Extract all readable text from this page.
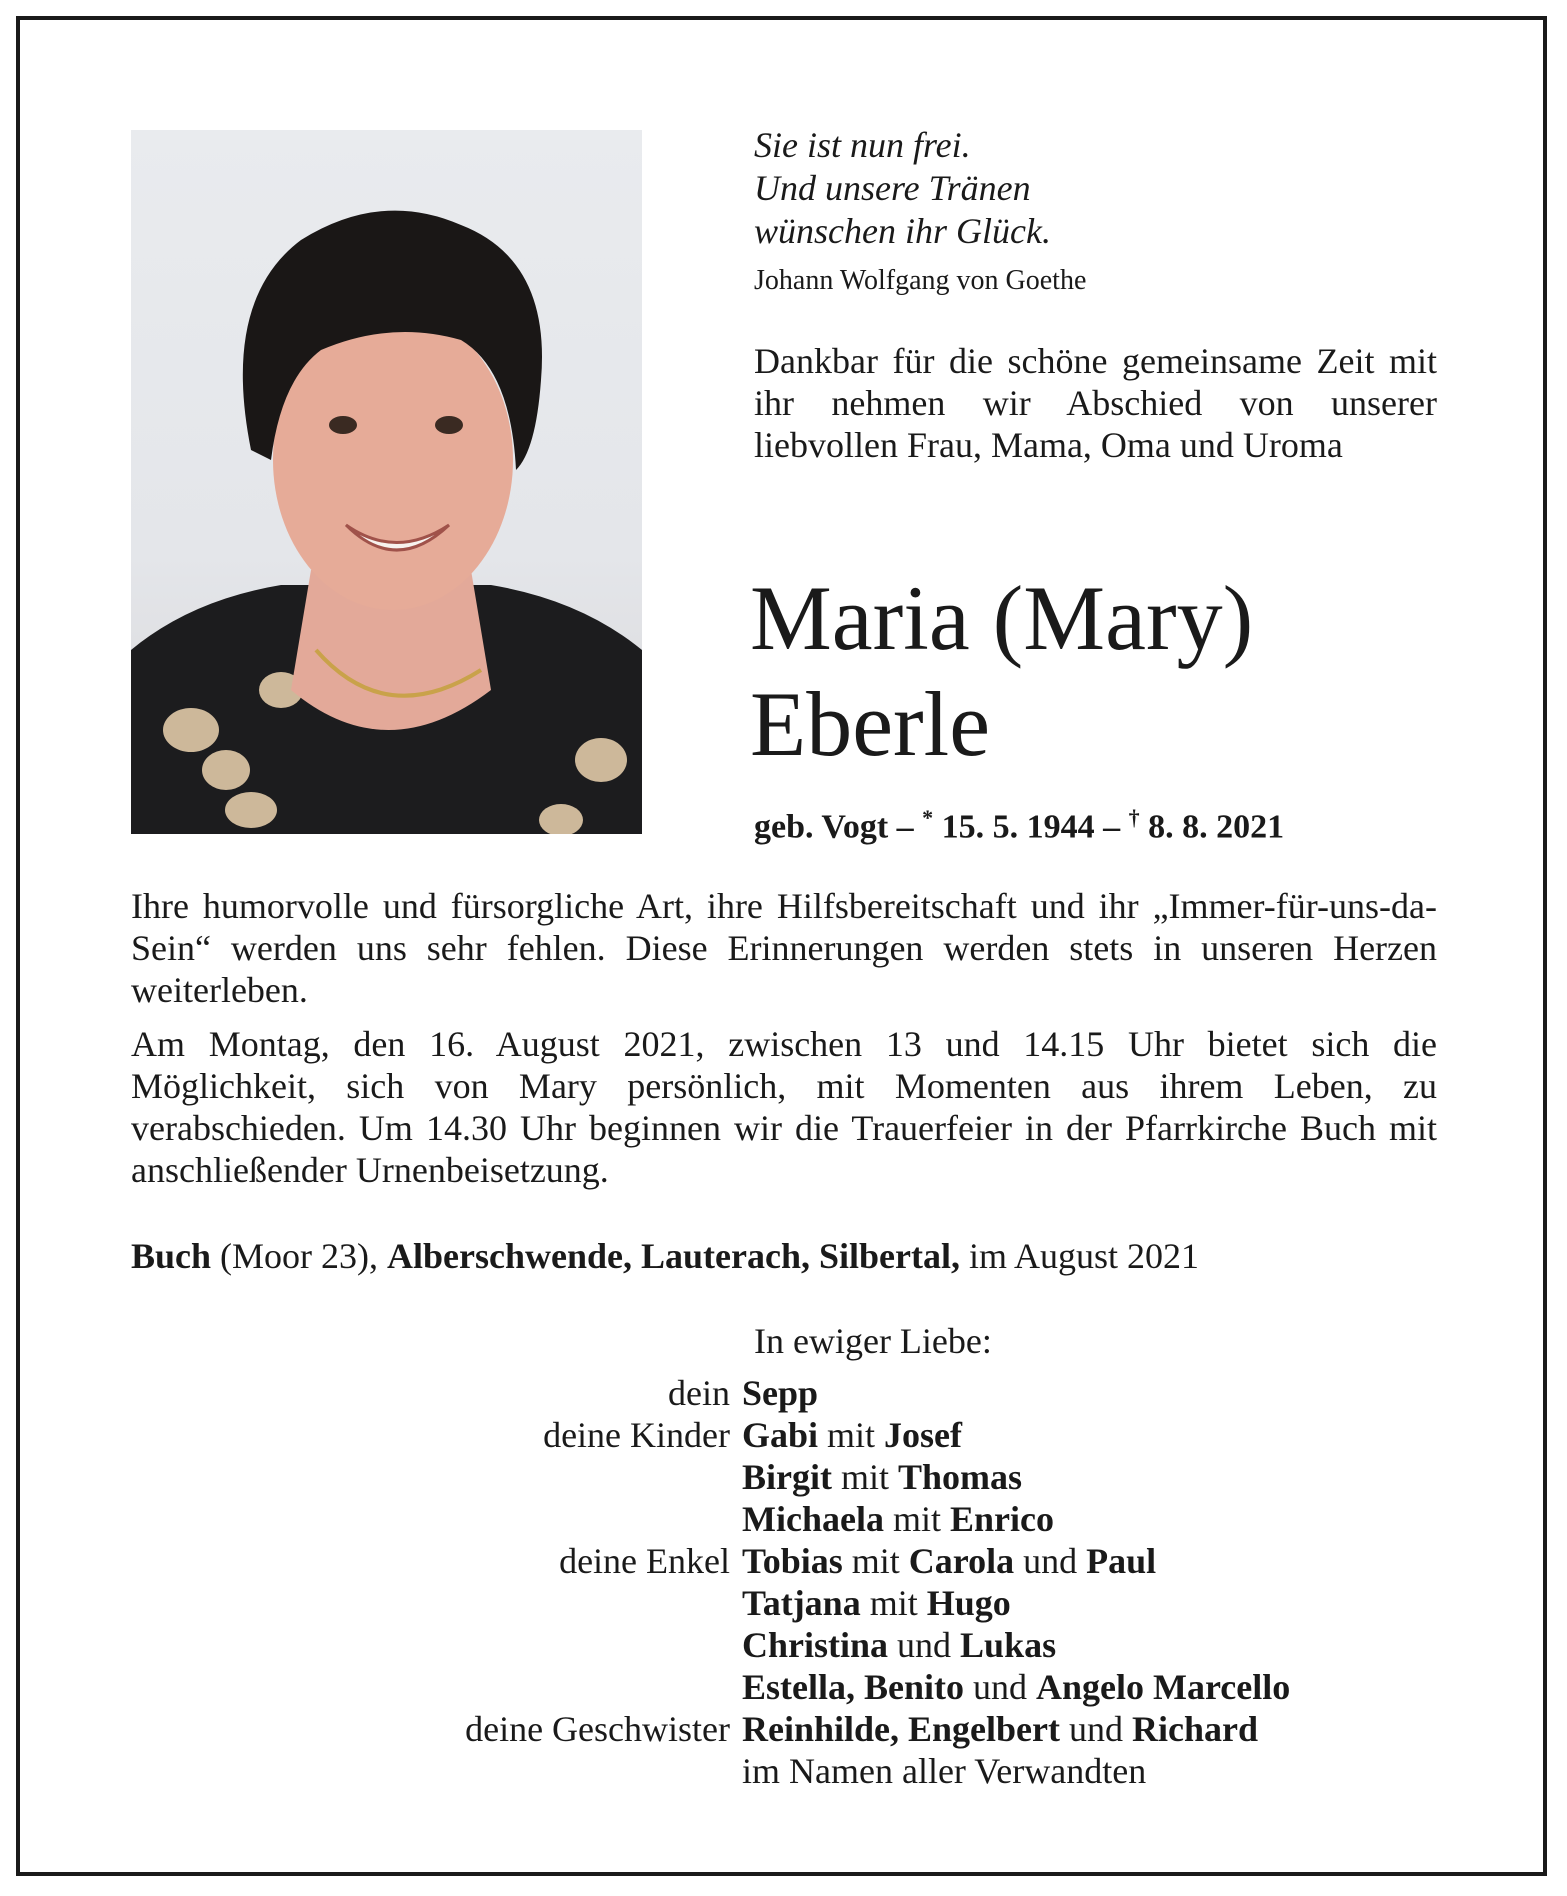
Sie ist nun frei.
Und unsere Tränen
wünschen ihr Glück.
Johann Wolfgang von Goethe
Dankbar für die schöne gemeinsame Zeit mit ihr nehmen wir Abschied von unserer liebvollen Frau, Mama, Oma und Uroma
Maria (Mary)
Eberle
geb. Vogt – * 15. 5. 1944 – † 8. 8. 2021
Ihre humorvolle und fürsorgliche Art, ihre Hilfsbereitschaft und ihr „Immer-für-uns-da-Sein“ werden uns sehr fehlen. Diese Erinnerungen werden stets in unseren Herzen weiterleben.
Am Montag, den 16. August 2021, zwischen 13 und 14.15 Uhr bietet sich die Möglichkeit, sich von Mary persönlich, mit Momenten aus ihrem Leben, zu verabschieden. Um 14.30 Uhr beginnen wir die Trauerfeier in der Pfarrkirche Buch mit anschließender Urnenbeisetzung.
Buch (Moor 23), Alberschwende, Lauterach, Silbertal, im August 2021
In ewiger Liebe:
dein Sepp
deine Kinder Gabi mit Josef
Birgit mit Thomas
Michaela mit Enrico
deine Enkel Tobias mit Carola und Paul
Tatjana mit Hugo
Christina und Lukas
Estella, Benito und Angelo Marcello
deine Geschwister Reinhilde, Engelbert und Richard
im Namen aller Verwandten
